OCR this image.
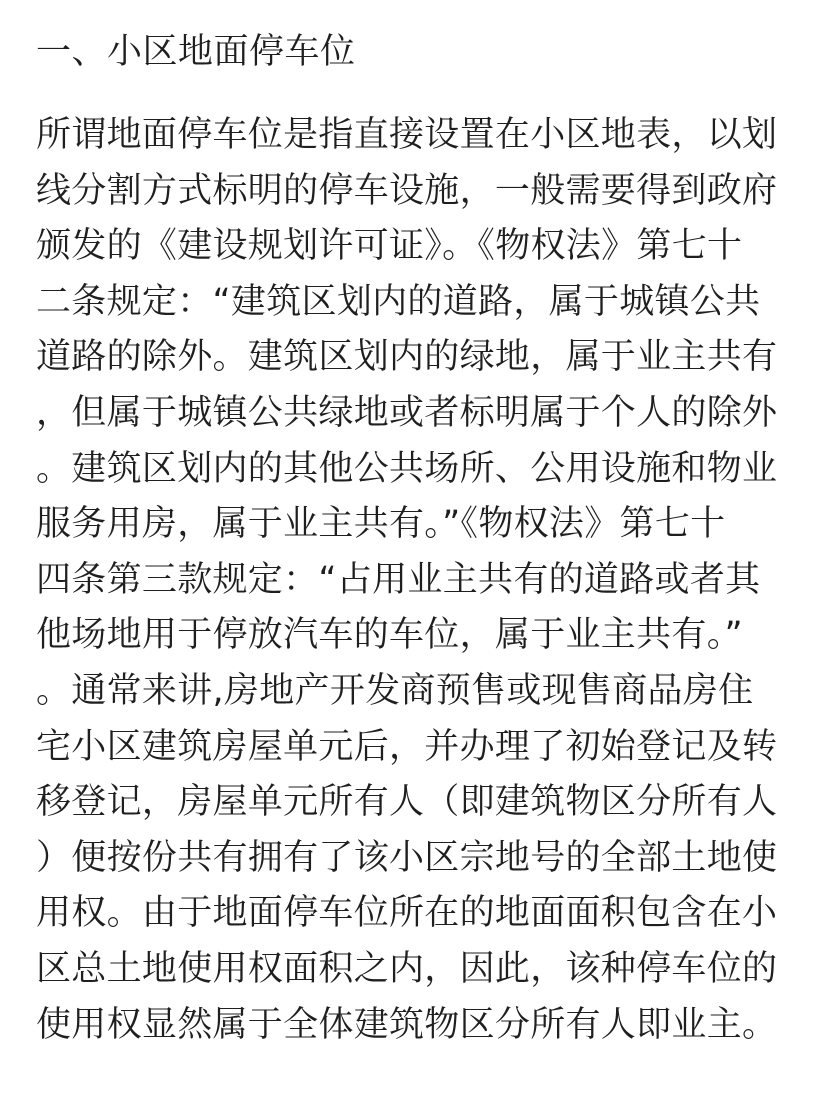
一、小区地面停车位
所谓地面停车位是指直接设置在小区地表，以划
线分割方式标明的停车设施，一般需要得到政府
颁发的《建设规划许可证》。《物权法》第七十
二条规定：“建筑区划内的道路，属于城镇公共
道路的除外。建筑区划内的绿地，属于业主共有
，但属于城镇公共绿地或者标明属于个人的除外
。建筑区划内的其他公共场所、公用设施和物业
服务用房，属于业主共有。”《物权法》第七十
四条第三款规定：“占用业主共有的道路或者其
他场地用于停放汽车的车位，属于业主共有。”
。通常来讲,房地产开发商预售或现售商品房住
宅小区建筑房屋单元后，并办理了初始登记及转
移登记，房屋单元所有人（即建筑物区分所有人
）便按份共有拥有了该小区宗地号的全部土地使
用权。由于地面停车位所在的地面面积包含在小
区总土地使用权面积之内，因此，该种停车位的
使用权显然属于全体建筑物区分所有人即业主。
